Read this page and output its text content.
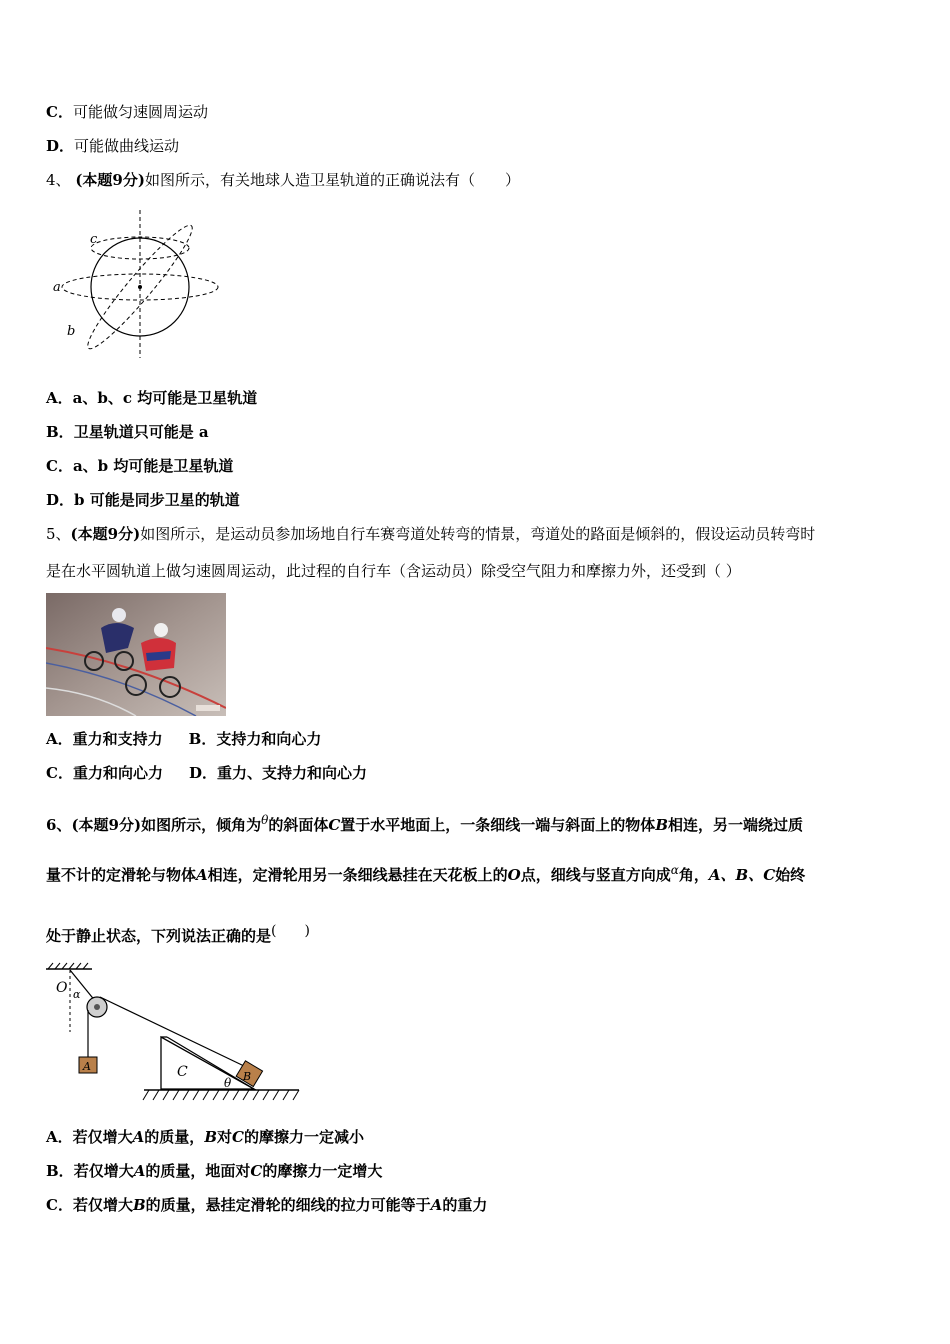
C．可能做匀速圆周运动
D．可能做曲线运动
4、 (本题9分)如图所示，有关地球人造卫星轨道的正确说法有（　　）
c
a
b
A．a、b、c 均可能是卫星轨道
B．卫星轨道只可能是 a
C．a、b 均可能是卫星轨道
D．b 可能是同步卫星的轨道
5、(本题9分)如图所示，是运动员参加场地自行车赛弯道处转弯的情景，弯道处的路面是倾斜的，假设运动员转弯时
是在水平圆轨道上做匀速圆周运动，此过程的自行车（含运动员）除受空气阻力和摩擦力外，还受到（ ）
A．重力和支持力 B．支持力和向心力
C．重力和向心力 D．重力、支持力和向心力
6、(本题9分)如图所示，倾角为$^\theta$的斜面体C置于水平地面上，一条细线一端与斜面上的物体B相连，另一端绕过质
量不计的定滑轮与物体A相连，定滑轮用另一条细线悬挂在天花板上的O点，细线与竖直方向成$^\alpha$角，A、B、C始终
处于静止状态，下列说法正确的是(　　)
A	C	B
θ
O α
A．若仅增大A的质量，B对C的摩擦力一定减小
B．若仅增大A的质量，地面对C的摩擦力一定增大
C．若仅增大B的质量，悬挂定滑轮的细线的拉力可能等于A的重力
